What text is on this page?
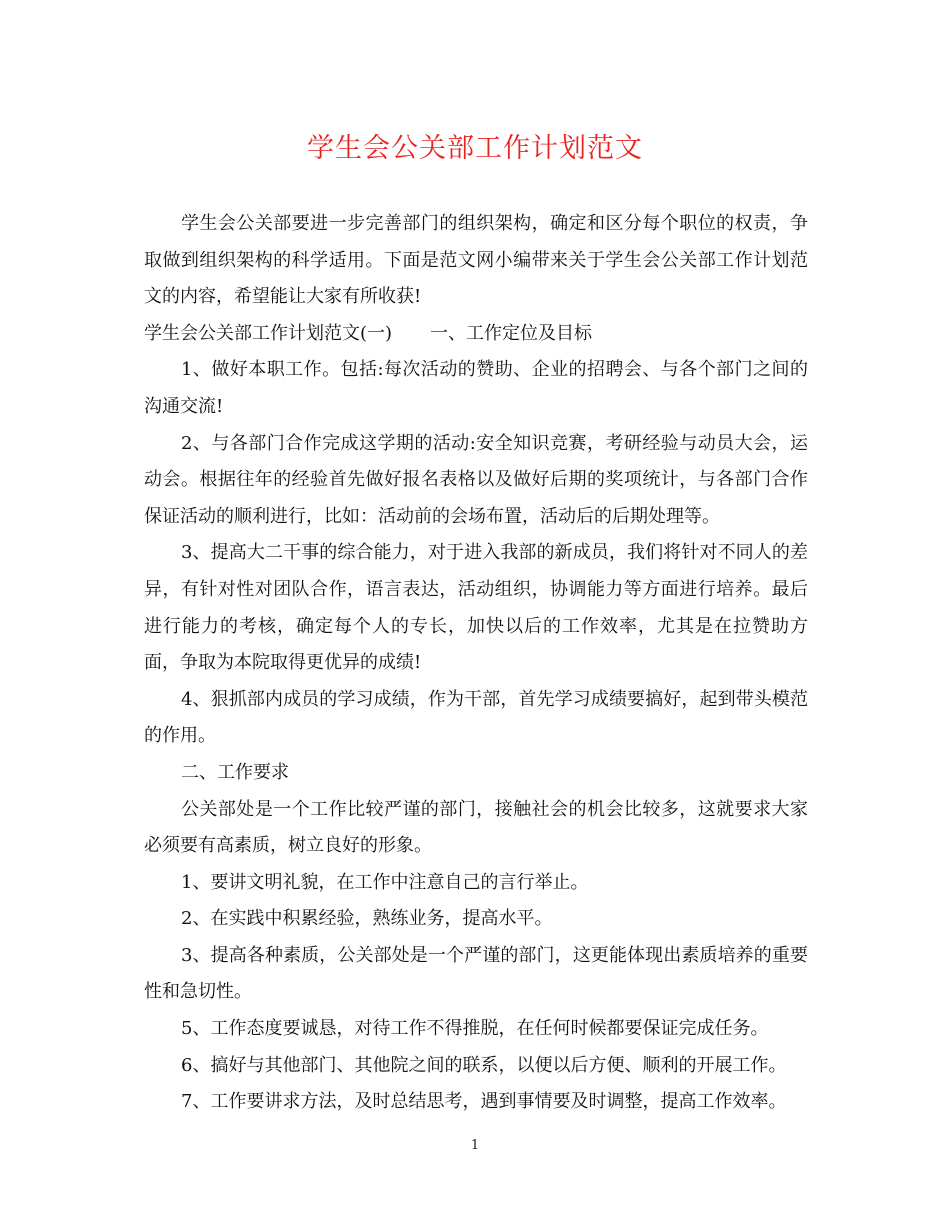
学生会公关部工作计划范文

学生会公关部要进一步完善部门的组织架构，确定和区分每个职位的权责，争取做到组织架构的科学适用。下面是范文网小编带来关于学生会公关部工作计划范文的内容，希望能让大家有所收获!

学生会公关部工作计划范文(一) 一、工作定位及目标

1、做好本职工作。包括:每次活动的赞助、企业的招聘会、与各个部门之间的沟通交流!

2、与各部门合作完成这学期的活动:安全知识竞赛，考研经验与动员大会，运动会。根据往年的经验首先做好报名表格以及做好后期的奖项统计，与各部门合作保证活动的顺利进行，比如：活动前的会场布置，活动后的后期处理等。

3、提高大二干事的综合能力，对于进入我部的新成员，我们将针对不同人的差异，有针对性对团队合作，语言表达，活动组织，协调能力等方面进行培养。最后进行能力的考核，确定每个人的专长，加快以后的工作效率，尤其是在拉赞助方面，争取为本院取得更优异的成绩!

4、狠抓部内成员的学习成绩，作为干部，首先学习成绩要搞好，起到带头模范的作用。

二、工作要求

公关部处是一个工作比较严谨的部门，接触社会的机会比较多，这就要求大家必须要有高素质，树立良好的形象。

1、要讲文明礼貌，在工作中注意自己的言行举止。

2、在实践中积累经验，熟练业务，提高水平。

3、提高各种素质，公关部处是一个严谨的部门，这更能体现出素质培养的重要性和急切性。

5、工作态度要诚恳，对待工作不得推脱，在任何时候都要保证完成任务。

6、搞好与其他部门、其他院之间的联系，以便以后方便、顺利的开展工作。

7、工作要讲求方法，及时总结思考，遇到事情要及时调整，提高工作效率。

1
